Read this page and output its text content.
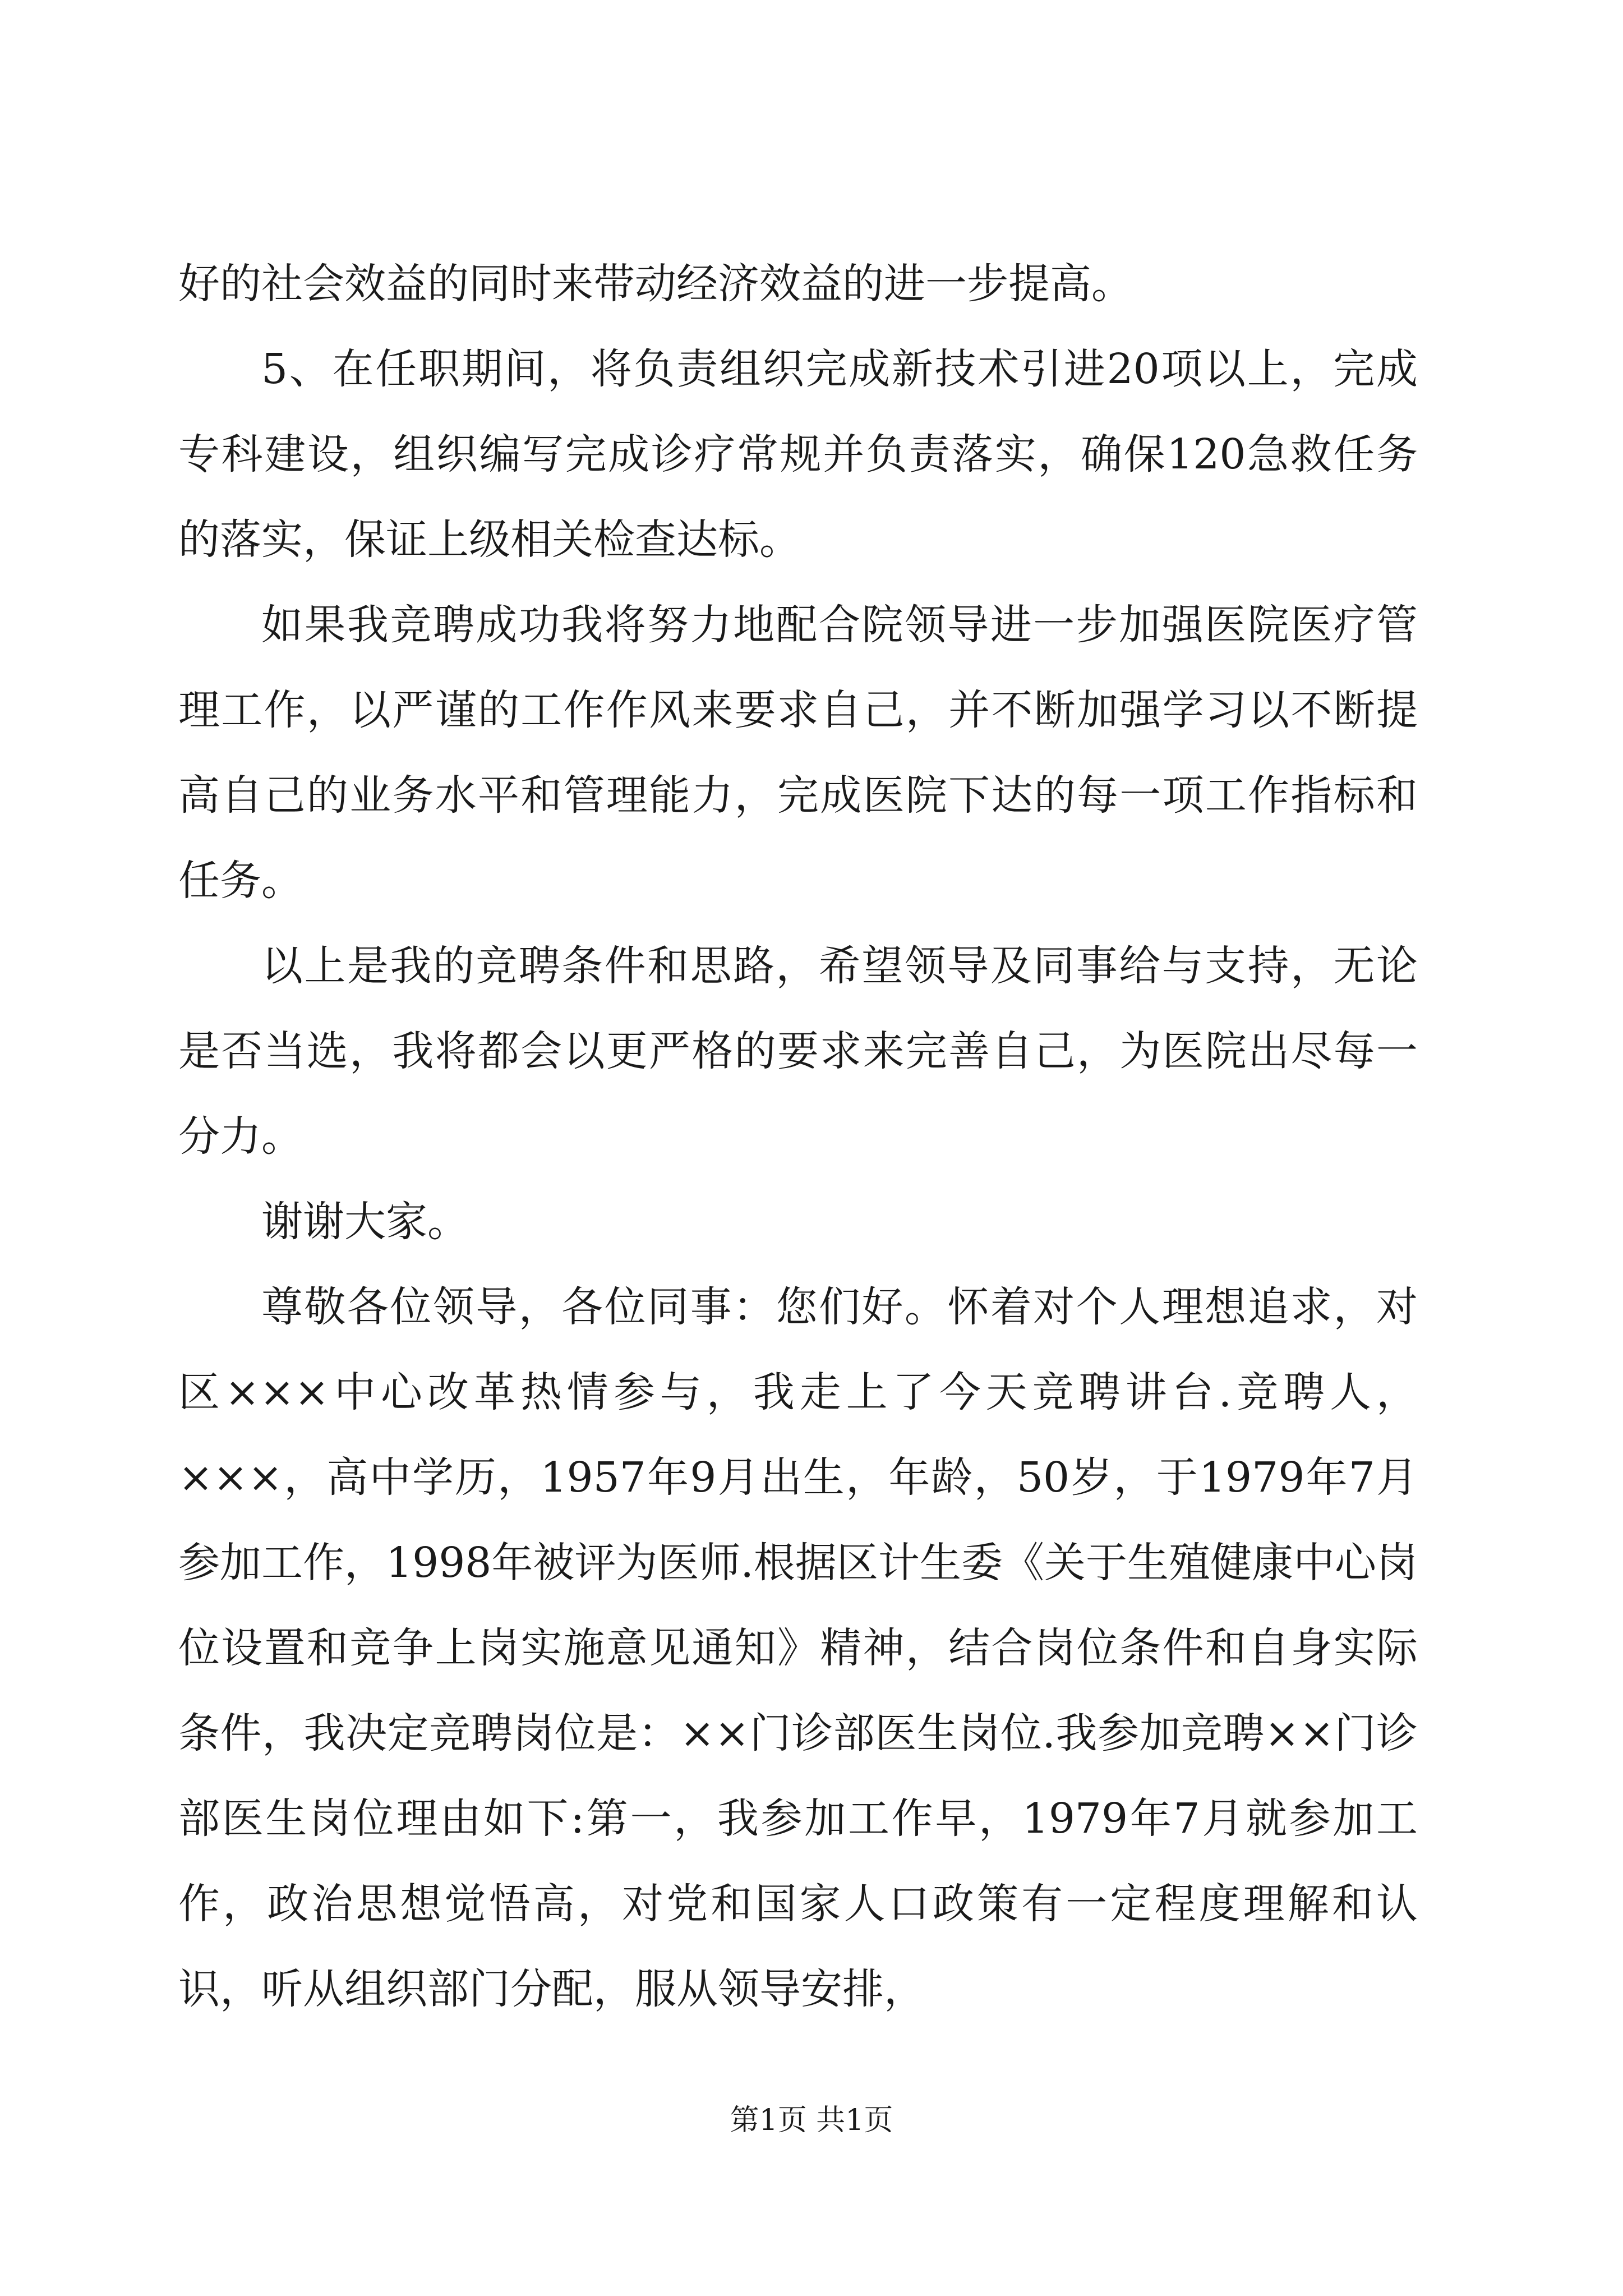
好的社会效益的同时来带动经济效益的进一步提高。

5、在任职期间，将负责组织完成新技术引进20项以上，完成专科建设，组织编写完成诊疗常规并负责落实，确保120急救任务的落实，保证上级相关检查达标。

如果我竞聘成功我将努力地配合院领导进一步加强医院医疗管理工作，以严谨的工作作风来要求自己，并不断加强学习以不断提高自己的业务水平和管理能力，完成医院下达的每一项工作指标和任务。

以上是我的竞聘条件和思路，希望领导及同事给与支持，无论是否当选，我将都会以更严格的要求来完善自己，为医院出尽每一分力。

谢谢大家。

尊敬各位领导，各位同事：您们好。怀着对个人理想追求，对区×××中心改革热情参与，我走上了今天竞聘讲台.竞聘人，×××，高中学历，1957年9月出生，年龄，50岁，于1979年7月参加工作，1998年被评为医师.根据区计生委《关于生殖健康中心岗位设置和竞争上岗实施意见通知》精神，结合岗位条件和自身实际条件，我决定竞聘岗位是：××门诊部医生岗位.我参加竞聘××门诊部医生岗位理由如下:第一，我参加工作早，1979年7月就参加工作，政治思想觉悟高，对党和国家人口政策有一定程度理解和认识，听从组织部门分配，服从领导安排，

第1页 共1页
